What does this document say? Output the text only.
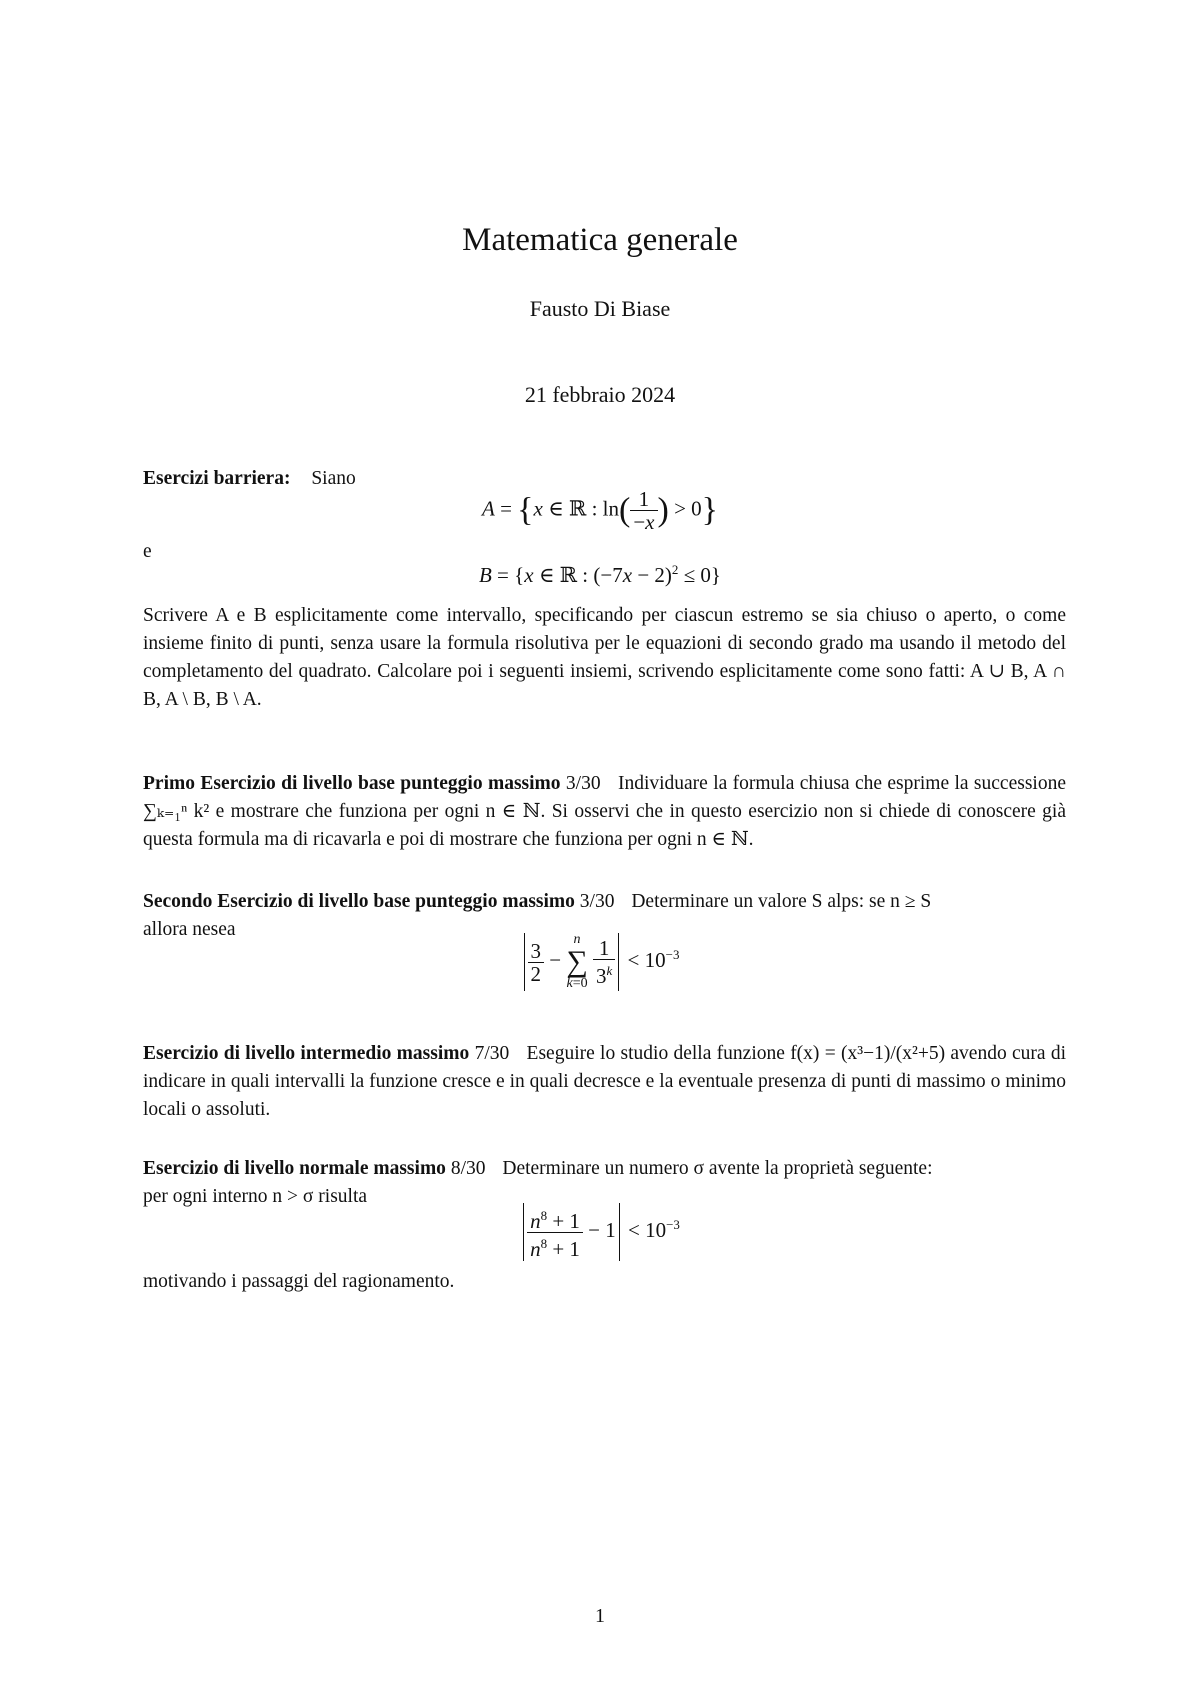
Matematica generale
Fausto Di Biase
21 febbraio 2024
Esercizi barriera: Siano
A = {x ∈ ℝ : $\ln( \frac{1}{-x}$ ) > 0}
e
B = {x ∈ ℝ : $(-7x - 2)^2 \le 0$}
Scrivere A e B esplicitamente come intervallo, specificando per ciascun estremo se sia chiuso o aperto, o come insieme finito di punti, senza usare la formula risolutiva per le equazioni di secondo grado ma usando il metodo del completamento del quadrato. Calcolare poi i seguenti insiemi, scrivendo esplicitamente come sono fatti: A ∪ B, A ∩ B, A \ B, B \ A.
Primo Esercizio di livello base punteggio massimo 3/30 Individuare la formula chiusa che esprime la successione ∑ₖ₌₁ⁿ k² e mostrare che funziona per ogni n ∈ ℕ. Si osservi che in questo esercizio non si chiede di conoscere già questa formula ma di ricavarla e poi di mostrare che funziona per ogni n ∈ ℕ.
Secondo Esercizio di livello base punteggio massimo 3/30 Determinare un valore S alps: se n ≥ S
allora nesea
$\frac{3}{2} - n$
∑
$k=0 \frac{1}{3^k} < 10^{-3}$
Esercizio di livello intermedio massimo 7/30 Eseguire lo studio della funzione f(x) = (x³−1)/(x²+5) avendo cura di indicare in quali intervalli la funzione cresce e in quali decresce e la eventuale presenza di punti di massimo o minimo locali o assoluti.
Esercizio di livello normale massimo 8/30 Determinare un numero σ avente la proprietà seguente:
per ogni interno n > σ risulta
$\frac{n^8 + 1}{n^8 + 1} - 1 < 10^{-3}$
motivando i passaggi del ragionamento.
1
